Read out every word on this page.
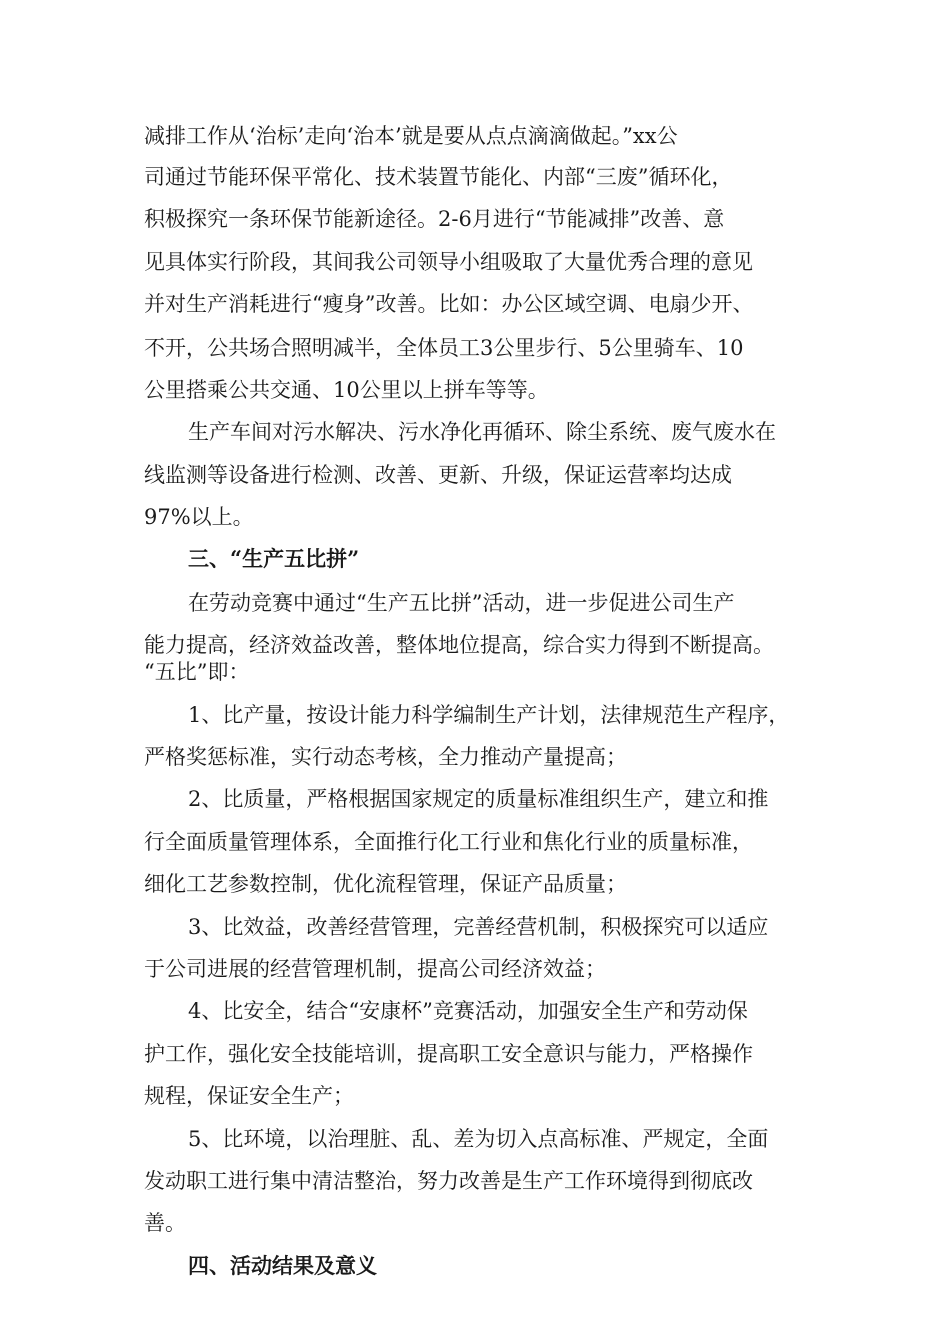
减排工作从‘治标’走向‘治本’就是要从点点滴滴做起。”xx公
司通过节能环保平常化、技术装置节能化、内部“三废”循环化，
积极探究一条环保节能新途径。2-6月进行“节能减排”改善、意
见具体实行阶段，其间我公司领导小组吸取了大量优秀合理的意见
并对生产消耗进行“瘦身”改善。比如：办公区域空调、电扇少开、
不开，公共场合照明减半，全体员工3公里步行、5公里骑车、10
公里搭乘公共交通、10公里以上拼车等等。
生产车间对污水解决、污水净化再循环、除尘系统、废气废水在
线监测等设备进行检测、改善、更新、升级，保证运营率均达成
97%以上。
三、“生产五比拼”
在劳动竞赛中通过“生产五比拼”活动，进一步促进公司生产
能力提高，经济效益改善，整体地位提高，综合实力得到不断提高。
“五比”即：
1、比产量，按设计能力科学编制生产计划，法律规范生产程序，
严格奖惩标准，实行动态考核，全力推动产量提高；
2、比质量，严格根据国家规定的质量标准组织生产，建立和推
行全面质量管理体系，全面推行化工行业和焦化行业的质量标准，
细化工艺参数控制，优化流程管理，保证产品质量；
3、比效益，改善经营管理，完善经营机制，积极探究可以适应
于公司进展的经营管理机制，提高公司经济效益；
4、比安全，结合“安康杯”竞赛活动，加强安全生产和劳动保
护工作，强化安全技能培训，提高职工安全意识与能力，严格操作
规程，保证安全生产；
5、比环境，以治理脏、乱、差为切入点高标准、严规定，全面
发动职工进行集中清洁整治，努力改善是生产工作环境得到彻底改
善。
四、活动结果及意义
